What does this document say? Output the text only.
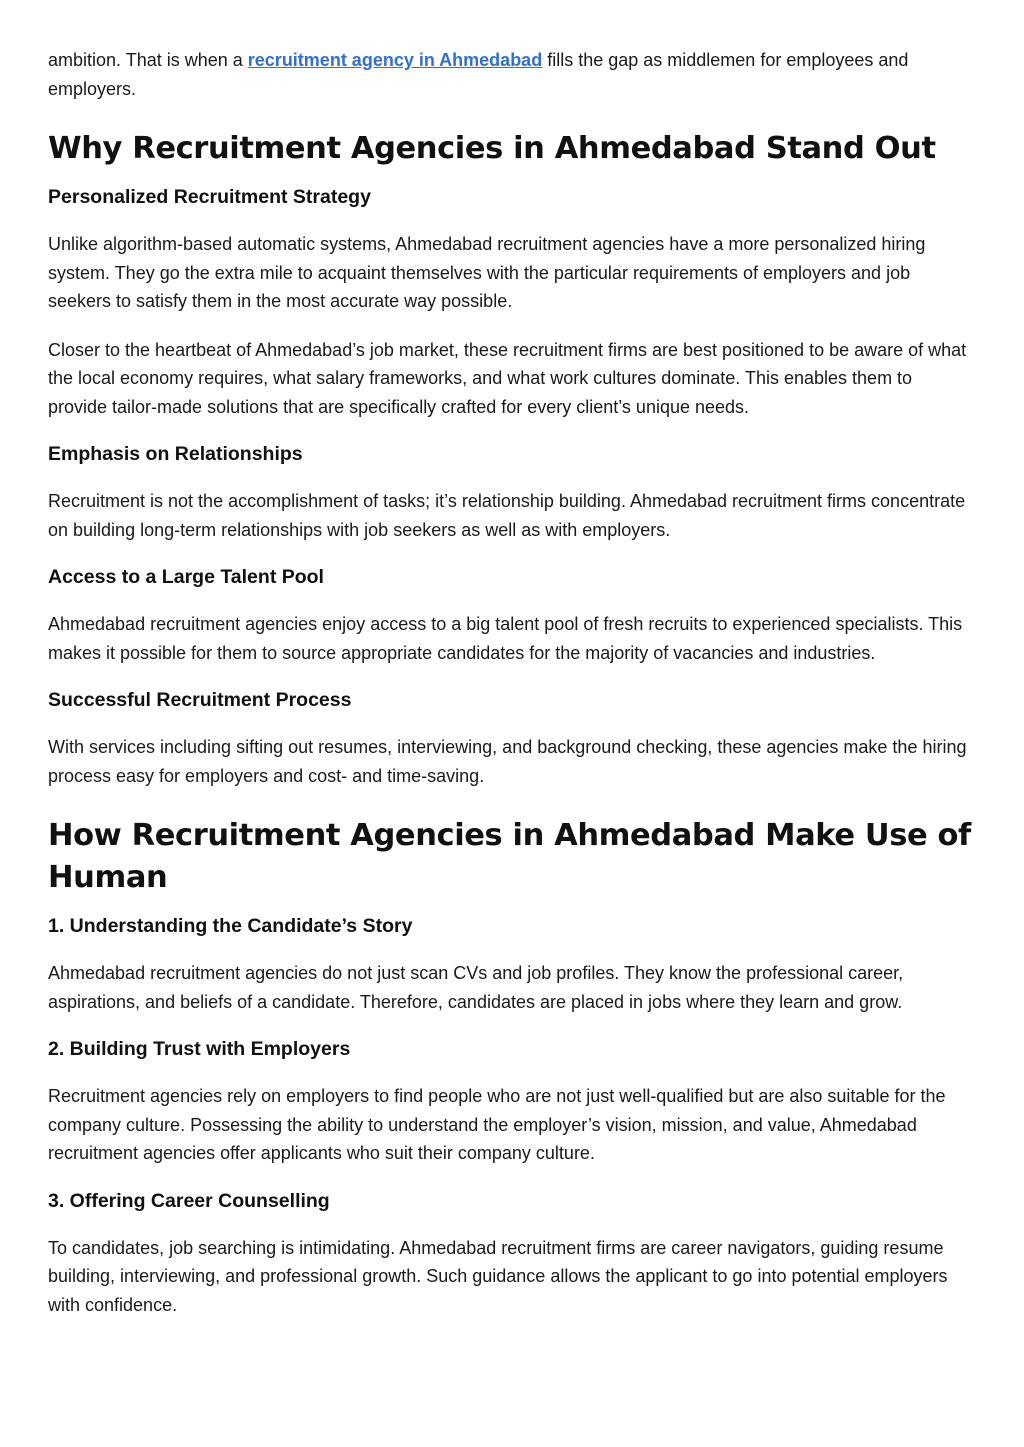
ambition. That is when a recruitment agency in Ahmedabad fills the gap as middlemen for employees and employers.

Why Recruitment Agencies in Ahmedabad Stand Out
Personalized Recruitment Strategy

Unlike algorithm-based automatic systems, Ahmedabad recruitment agencies have a more personalized hiring system. They go the extra mile to acquaint themselves with the particular requirements of employers and job seekers to satisfy them in the most accurate way possible.

Closer to the heartbeat of Ahmedabad’s job market, these recruitment firms are best positioned to be aware of what the local economy requires, what salary frameworks, and what work cultures dominate. This enables them to provide tailor-made solutions that are specifically crafted for every client’s unique needs.

Emphasis on Relationships

Recruitment is not the accomplishment of tasks; it’s relationship building. Ahmedabad recruitment firms concentrate on building long-term relationships with job seekers as well as with employers.

Access to a Large Talent Pool

Ahmedabad recruitment agencies enjoy access to a big talent pool of fresh recruits to experienced specialists. This makes it possible for them to source appropriate candidates for the majority of vacancies and industries.

Successful Recruitment Process

With services including sifting out resumes, interviewing, and background checking, these agencies make the hiring process easy for employers and cost- and time-saving.

How Recruitment Agencies in Ahmedabad Make Use of Human
1. Understanding the Candidate’s Story

Ahmedabad recruitment agencies do not just scan CVs and job profiles. They know the professional career, aspirations, and beliefs of a candidate. Therefore, candidates are placed in jobs where they learn and grow.

2. Building Trust with Employers

Recruitment agencies rely on employers to find people who are not just well-qualified but are also suitable for the company culture. Possessing the ability to understand the employer’s vision, mission, and value, Ahmedabad recruitment agencies offer applicants who suit their company culture.

3. Offering Career Counselling

To candidates, job searching is intimidating. Ahmedabad recruitment firms are career navigators, guiding resume building, interviewing, and professional growth. Such guidance allows the applicant to go into potential employers with confidence.
